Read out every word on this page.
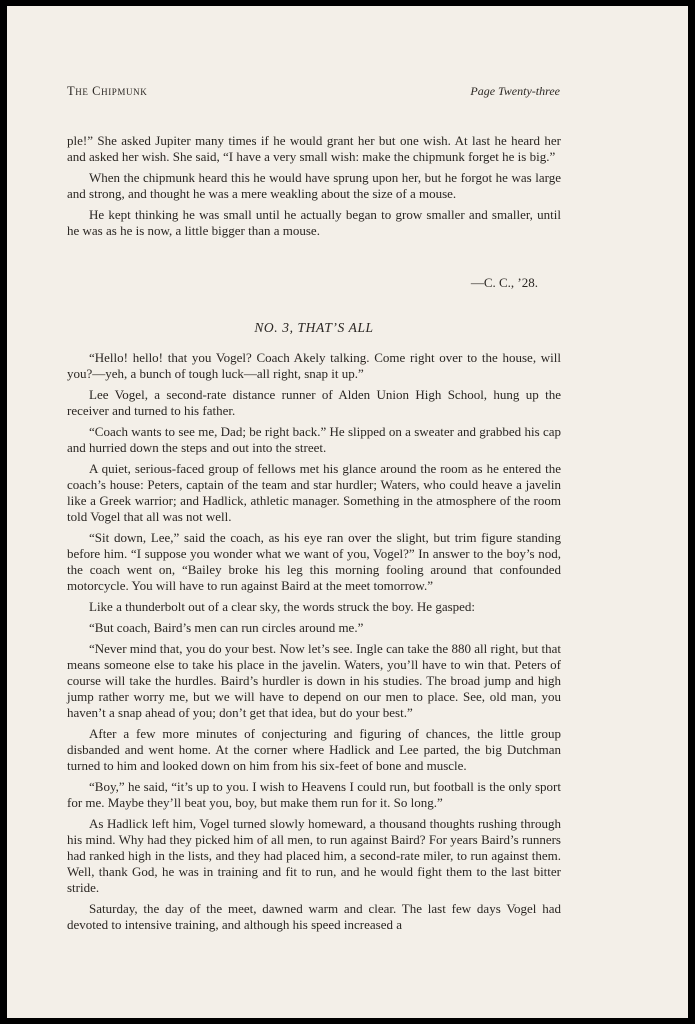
The Chipmunk	Page Twenty-three

ple!” She asked Jupiter many times if he would grant her but one wish. At last he heard her and asked her wish. She said, “I have a very small wish: make the chipmunk forget he is big.”

When the chipmunk heard this he would have sprung upon her, but he forgot he was large and strong, and thought he was a mere weakling about the size of a mouse.

He kept thinking he was small until he actually began to grow smaller and smaller, until he was as he is now, a little bigger than a mouse.

—C. C., ’28.
NO. 3, THAT’S ALL

“Hello! hello! that you Vogel? Coach Akely talking. Come right over to the house, will you?—yeh, a bunch of tough luck—all right, snap it up.”

Lee Vogel, a second-rate distance runner of Alden Union High School, hung up the receiver and turned to his father.

“Coach wants to see me, Dad; be right back.” He slipped on a sweater and grabbed his cap and hurried down the steps and out into the street.

A quiet, serious-faced group of fellows met his glance around the room as he entered the coach’s house: Peters, captain of the team and star hurdler; Waters, who could heave a javelin like a Greek warrior; and Hadlick, athletic manager. Something in the atmosphere of the room told Vogel that all was not well.

“Sit down, Lee,” said the coach, as his eye ran over the slight, but trim figure standing before him. “I suppose you wonder what we want of you, Vogel?” In answer to the boy’s nod, the coach went on, “Bailey broke his leg this morning fooling around that confounded motorcycle. You will have to run against Baird at the meet tomorrow.”

Like a thunderbolt out of a clear sky, the words struck the boy. He gasped:

“But coach, Baird’s men can run circles around me.”

“Never mind that, you do your best. Now let’s see. Ingle can take the 880 all right, but that means someone else to take his place in the javelin. Waters, you’ll have to win that. Peters of course will take the hurdles. Baird’s hurdler is down in his studies. The broad jump and high jump rather worry me, but we will have to depend on our men to place. See, old man, you haven’t a snap ahead of you; don’t get that idea, but do your best.”

After a few more minutes of conjecturing and figuring of chances, the little group disbanded and went home. At the corner where Hadlick and Lee parted, the big Dutchman turned to him and looked down on him from his six-feet of bone and muscle.

“Boy,” he said, “it’s up to you. I wish to Heavens I could run, but football is the only sport for me. Maybe they’ll beat you, boy, but make them run for it. So long.”

As Hadlick left him, Vogel turned slowly homeward, a thousand thoughts rushing through his mind. Why had they picked him of all men, to run against Baird? For years Baird’s runners had ranked high in the lists, and they had placed him, a second-rate miler, to run against them. Well, thank God, he was in training and fit to run, and he would fight them to the last bitter stride.

Saturday, the day of the meet, dawned warm and clear. The last few days Vogel had devoted to intensive training, and although his speed increased a
